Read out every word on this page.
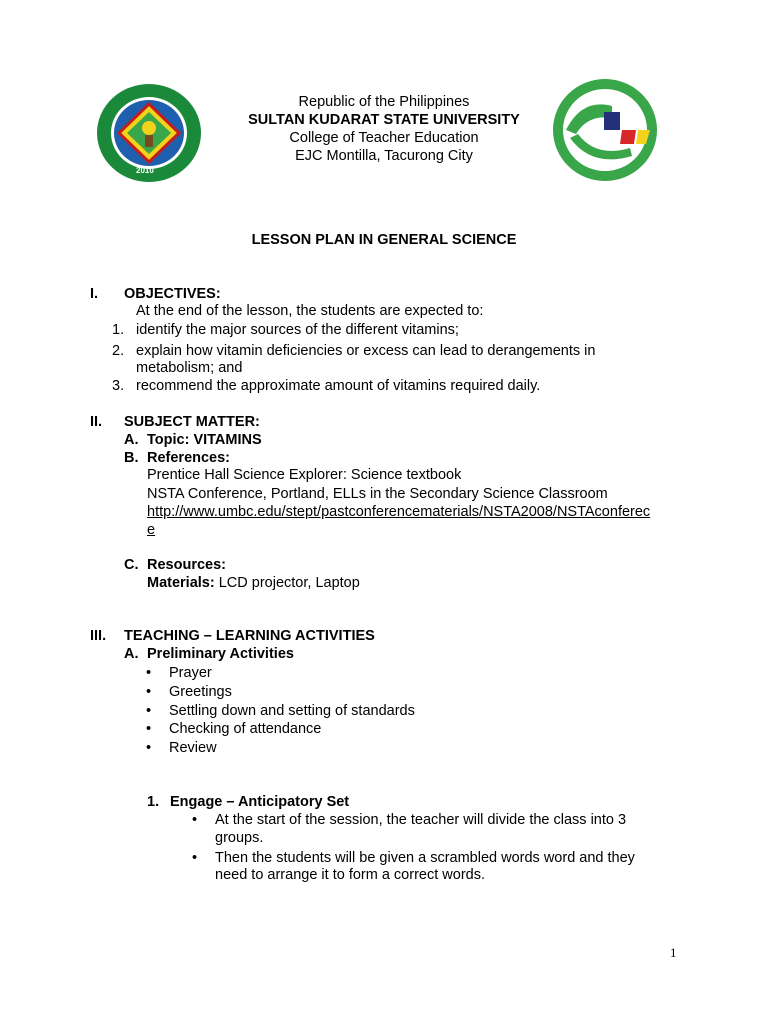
2010
Republic of the Philippines
SULTAN KUDARAT STATE UNIVERSITY
College of Teacher Education
EJC Montilla, Tacurong City
LESSON PLAN IN GENERAL SCIENCE
I. OBJECTIVES:
At the end of the lesson, the students are expected to:
1. identify the major sources of the different vitamins;
2. explain how vitamin deficiencies or excess can lead to derangements in
metabolism; and
3. recommend the approximate amount of vitamins required daily.
II. SUBJECT MATTER:
A. Topic: VITAMINS
B. References:
Prentice Hall Science Explorer: Science textbook
NSTA Conference, Portland, ELLs in the Secondary Science Classroom
http://www.umbc.edu/stept/pastconferencematerials/NSTA2008/NSTAconferec
e
C. Resources:
Materials: LCD projector, Laptop
III. TEACHING – LEARNING ACTIVITIES
A. Preliminary Activities
• Prayer
• Greetings
• Settling down and setting of standards
• Checking of attendance
• Review
1. Engage – Anticipatory Set
• At the start of the session, the teacher will divide the class into 3
groups.
• Then the students will be given a scrambled words word and they
need to arrange it to form a correct words.
1
